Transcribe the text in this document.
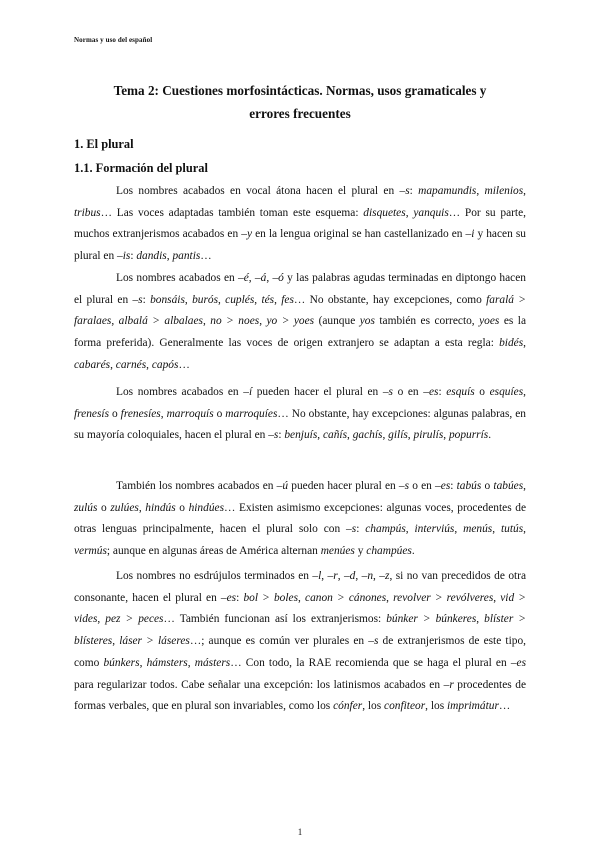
Normas y uso del español

Tema 2: Cuestiones morfosintácticas. Normas, usos gramaticales y

errores frecuentes

1. El plural
1.1. Formación del plural

Los nombres acabados en vocal átona hacen el plural en –s: mapamundis, milenios, tribus… Las voces adaptadas también toman este esquema: disquetes, yanquis… Por su parte, muchos extranjerismos acabados en –y en la lengua original se han castellanizado en –i y hacen su plural en –is: dandis, pantis…

Los nombres acabados en –é, –á, –ó y las palabras agudas terminadas en diptongo hacen el plural en –s: bonsáis, burós, cuplés, tés, fes… No obstante, hay excepciones, como faralá > faralaes, albalá > albalaes, no > noes, yo > yoes (aunque yos también es correcto, yoes es la forma preferida). Generalmente las voces de origen extranjero se adaptan a esta regla: bidés, cabarés, carnés, capós…

Los nombres acabados en –í pueden hacer el plural en –s o en –es: esquís o esquíes, frenesís o frenesíes, marroquís o marroquíes… No obstante, hay excepciones: algunas palabras, en su mayoría coloquiales, hacen el plural en –s: benjuís, cañís, gachís, gilís, pirulís, popurrís.

También los nombres acabados en –ú pueden hacer plural en –s o en –es: tabús o tabúes, zulús o zulúes, hindús o hindúes… Existen asimismo excepciones: algunas voces, procedentes de otras lenguas principalmente, hacen el plural solo con –s: champús, interviús, menús, tutús, vermús; aunque en algunas áreas de América alternan menúes y champúes.

Los nombres no esdrújulos terminados en –l, –r, –d, –n, –z, si no van precedidos de otra consonante, hacen el plural en –es: bol > boles, canon > cánones, revolver > revólveres, vid > vides, pez > peces… También funcionan así los extranjerismos: búnker > búnkeres, blíster > blísteres, láser > láseres…; aunque es común ver plurales en –s de extranjerismos de este tipo, como búnkers, hámsters, másters… Con todo, la RAE recomienda que se haga el plural en –es para regularizar todos. Cabe señalar una excepción: los latinismos acabados en –r procedentes de formas verbales, que en plural son invariables, como los cónfer, los confiteor, los imprimátur…

1
